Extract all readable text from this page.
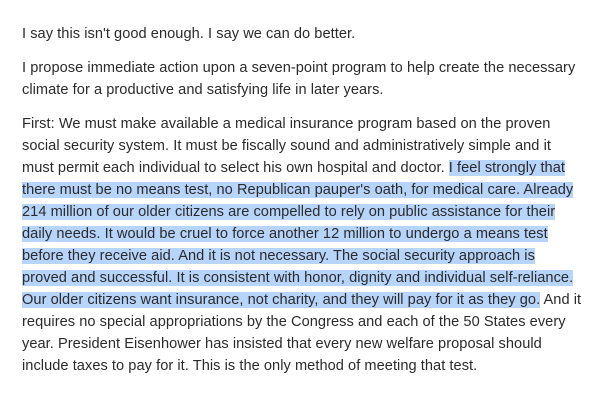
I say this isn't good enough. I say we can do better.

I propose immediate action upon a seven-point program to help create the necessary climate for a productive and satisfying life in later years.

First: We must make available a medical insurance program based on the proven social security system. It must be fiscally sound and administratively simple and it must permit each individual to select his own hospital and doctor. I feel strongly that there must be no means test, no Republican pauper's oath, for medical care. Already 214 million of our older citizens are compelled to rely on public assistance for their daily needs. It would be cruel to force another 12 million to undergo a means test before they receive aid. And it is not necessary. The social security approach is proved and successful. It is consistent with honor, dignity and individual self-reliance. Our older citizens want insurance, not charity, and they will pay for it as they go. And it requires no special appropriations by the Congress and each of the 50 States every year. President Eisenhower has insisted that every new welfare proposal should include taxes to pay for it. This is the only method of meeting that test.
